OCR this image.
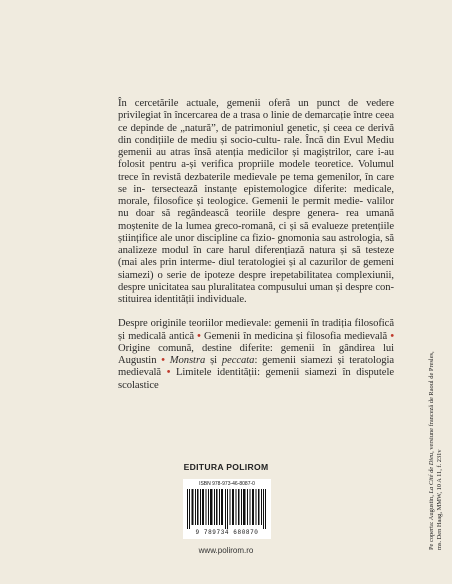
În cercetările actuale, gemenii oferă un punct de vedere privilegiat în încercarea de a trasa o linie de demarcație între ceea ce depinde de „natură”, de patrimoniul genetic, și ceea ce derivă din condițiile de mediu și socio-cultu- rale. Încă din Evul Mediu gemenii au atras însă atenția medicilor și magiștrilor, care i-au folosit pentru a-și verifica propriile modele teoretice. Volumul trece în revistă dezbaterile medievale pe tema gemenilor, în care se in- tersectează instanțe epistemologice diferite: medicale, morale, filosofice și teologice. Gemenii le permit medie- valilor nu doar să regândească teoriile despre genera- rea umană moștenite de la lumea greco-romană, ci și să evalueze pretențiile științifice ale unor discipline ca fizio- gnomonia sau astrologia, să analizeze modul în care harul diferențiază natura și să testeze (mai ales prin interme- diul teratologiei și al cazurilor de gemeni siamezi) o serie de ipoteze despre irepetabilitatea complexiunii, despre unicitatea sau pluralitatea compusului uman și despre con- stituirea identității individuale.

Despre originile teoriilor medievale: gemenii în tradiția filosofică și medicală antică • Gemenii în medicina și filosofia medievală • Origine comună, destine diferite: gemenii în gândirea lui Augustin • Monstra și peccata: gemenii siamezi și teratologia medievală • Limitele identității: gemenii siamezi în disputele scolastice

EDITURA POLIROM
ISBN 978-973-46-8087-0
9 789734 680870
www.polirom.ro
Pe coperta: Augustin, La Cité de Dieu, versiune franceză de Raoul de Presles,
ms. Den Haag, MMW, 10 A 11, f. 231v
